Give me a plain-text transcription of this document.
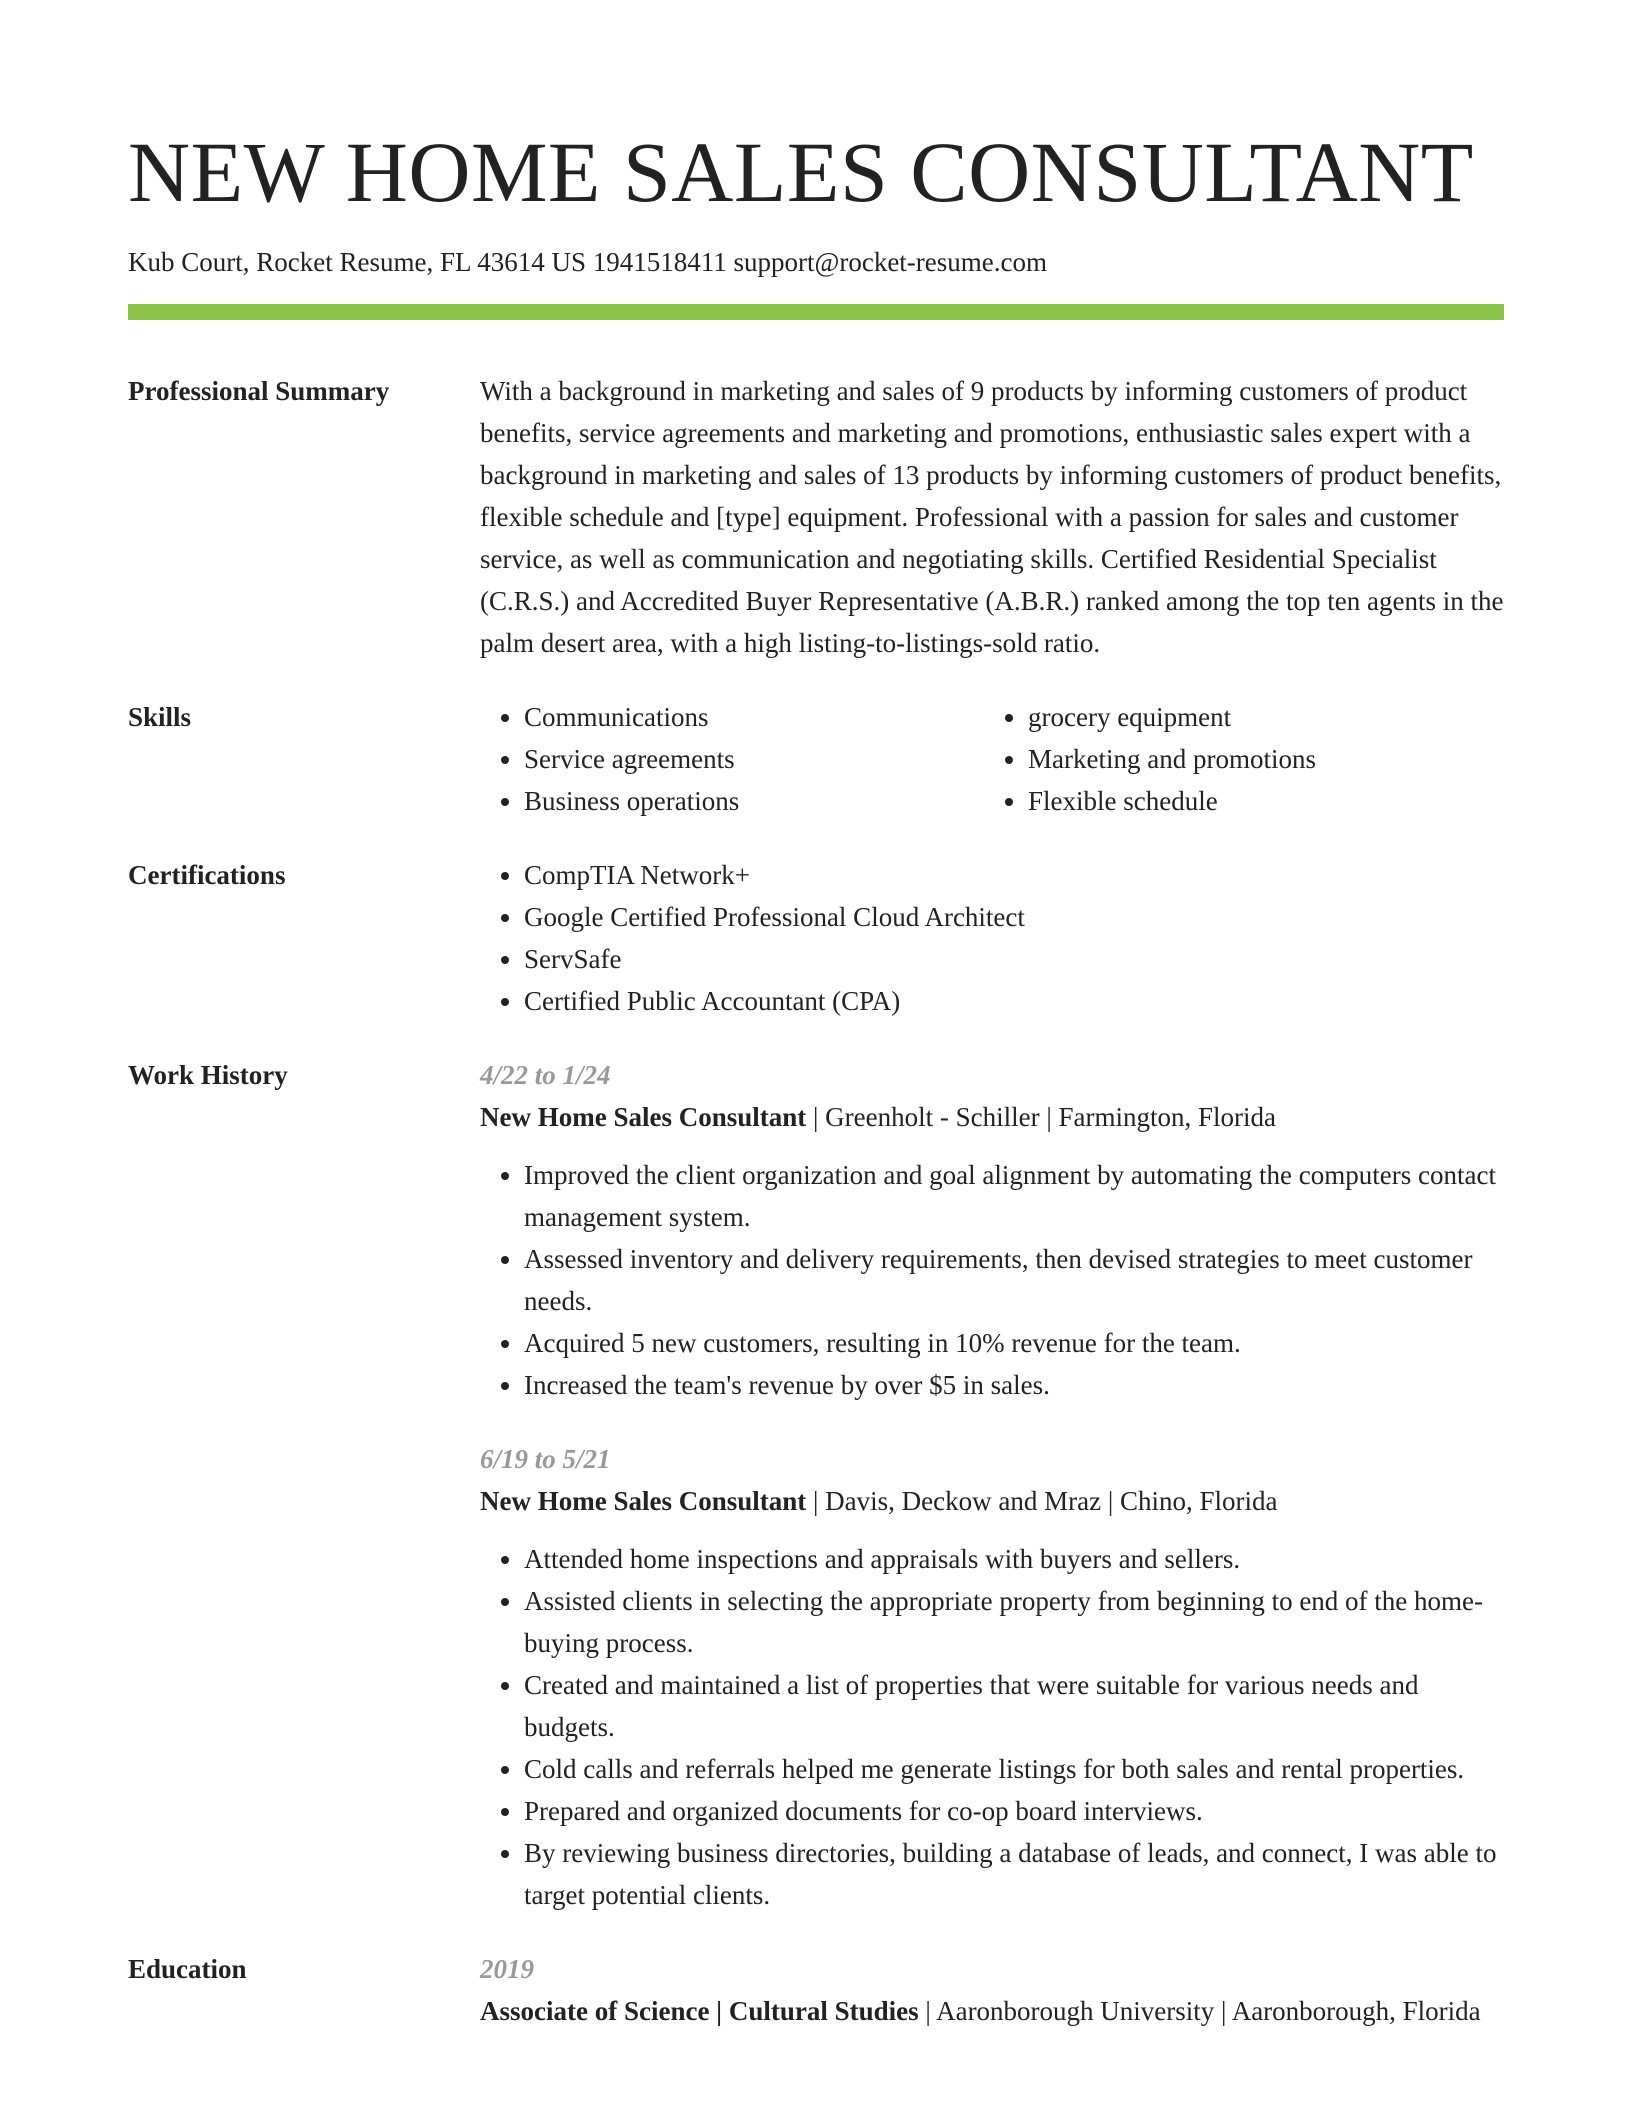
NEW HOME SALES CONSULTANT
Kub Court, Rocket Resume, FL 43614 US 1941518411 support@rocket-resume.com
Professional Summary	With a background in marketing and sales of 9 products by informing customers of product benefits, service agreements and marketing and promotions, enthusiastic sales expert with a background in marketing and sales of 13 products by informing customers of product benefits, flexible schedule and [type] equipment. Professional with a passion for sales and customer service, as well as communication and negotiating skills. Certified Residential Specialist (C.R.S.) and Accredited Buyer Representative (A.B.R.) ranked among the top ten agents in the palm desert area, with a high listing-to-listings-sold ratio.
Skills	• Communications
• Service agreements
• Business operations
• grocery equipment
• Marketing and promotions
• Flexible schedule
Certifications	• CompTIA Network+
• Google Certified Professional Cloud Architect
• ServSafe
• Certified Public Accountant (CPA)
Work History	4/22 to 1/24
New Home Sales Consultant | Greenholt - Schiller | Farmington, Florida
• Improved the client organization and goal alignment by automating the computers contact management system.
• Assessed inventory and delivery requirements, then devised strategies to meet customer needs.
• Acquired 5 new customers, resulting in 10% revenue for the team.
• Increased the team's revenue by over $5 in sales.
6/19 to 5/21
New Home Sales Consultant | Davis, Deckow and Mraz | Chino, Florida
• Attended home inspections and appraisals with buyers and sellers.
• Assisted clients in selecting the appropriate property from beginning to end of the home-buying process.
• Created and maintained a list of properties that were suitable for various needs and budgets.
• Cold calls and referrals helped me generate listings for both sales and rental properties.
• Prepared and organized documents for co-op board interviews.
• By reviewing business directories, building a database of leads, and connect, I was able to target potential clients.
Education	2019
Associate of Science | Cultural Studies | Aaronborough University | Aaronborough, Florida
